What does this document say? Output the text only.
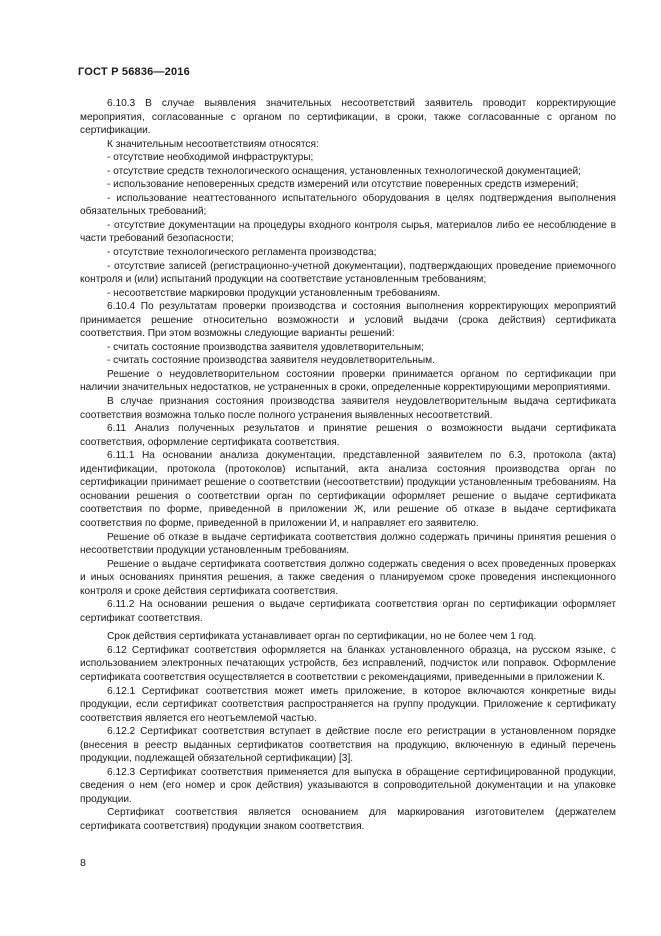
ГОСТ Р 56836—2016

6.10.3 В случае выявления значительных несоответствий заявитель проводит корректирующие мероприятия, согласованные с органом по сертификации, в сроки, также согласованные с органом по сертификации.

К значительным несоответствиям относятся:

- отсутствие необходимой инфраструктуры;

- отсутствие средств технологического оснащения, установленных технологической документацией;

- использование неповеренных средств измерений или отсутствие поверенных средств измерений;

- использование неаттестованного испытательного оборудования в целях подтверждения выполнения обязательных требований;

- отсутствие документации на процедуры входного контроля сырья, материалов либо ее несоблюдение в части требований безопасности;

- отсутствие технологического регламента производства;

- отсутствие записей (регистрационно-учетной документации), подтверждающих проведение приемочного контроля и (или) испытаний продукции на соответствие установленным требованиям;

- несоответствие маркировки продукции установленным требованиям.

6.10.4 По результатам проверки производства и состояния выполнения корректирующих мероприятий принимается решение относительно возможности и условий выдачи (срока действия) сертификата соответствия. При этом возможны следующие варианты решений:

- считать состояние производства заявителя удовлетворительным;

- считать состояние производства заявителя неудовлетворительным.

Решение о неудовлетворительном состоянии проверки принимается органом по сертификации при наличии значительных недостатков, не устраненных в сроки, определенные корректирующими мероприятиями.

В случае признания состояния производства заявителя неудовлетворительным выдача сертификата соответствия возможна только после полного устранения выявленных несоответствий.

6.11 Анализ полученных результатов и принятие решения о возможности выдачи сертификата соответствия, оформление сертификата соответствия.

6.11.1 На основании анализа документации, представленной заявителем по 6.3, протокола (акта) идентификации, протокола (протоколов) испытаний, акта анализа состояния производства орган по сертификации принимает решение о соответствии (несоответствии) продукции установленным требованиям. На основании решения о соответствии орган по сертификации оформляет решение о выдаче сертификата соответствия по форме, приведенной в приложении Ж, или решение об отказе в выдаче сертификата соответствия по форме, приведенной в приложении И, и направляет его заявителю.

Решение об отказе в выдаче сертификата соответствия должно содержать причины принятия решения о несоответствии продукции установленным требованиям.

Решение о выдаче сертификата соответствия должно содержать сведения о всех проведенных проверках и иных основаниях принятия решения, а также сведения о планируемом сроке проведения инспекционного контроля и сроке действия сертификата соответствия.

6.11.2 На основании решения о выдаче сертификата соответствия орган по сертификации оформляет сертификат соответствия.

Срок действия сертификата устанавливает орган по сертификации, но не более чем 1 год.

6.12 Сертификат соответствия оформляется на бланках установленного образца, на русском языке, с использованием электронных печатающих устройств, без исправлений, подчисток или поправок. Оформление сертификата соответствия осуществляется в соответствии с рекомендациями, приведенными в приложении К.

6.12.1 Сертификат соответствия может иметь приложение, в которое включаются конкретные виды продукции, если сертификат соответствия распространяется на группу продукции. Приложение к сертификату соответствия является его неотъемлемой частью.

6.12.2 Сертификат соответствия вступает в действие после его регистрации в установленном порядке (внесения в реестр выданных сертификатов соответствия на продукцию, включенную в единый перечень продукции, подлежащей обязательной сертификации) [3].

6.12.3 Сертификат соответствия применяется для выпуска в обращение сертифицированной продукции, сведения о нем (его номер и срок действия) указываются в сопроводительной документации и на упаковке продукции.

Сертификат соответствия является основанием для маркирования изготовителем (держателем сертификата соответствия) продукции знаком соответствия.

8
